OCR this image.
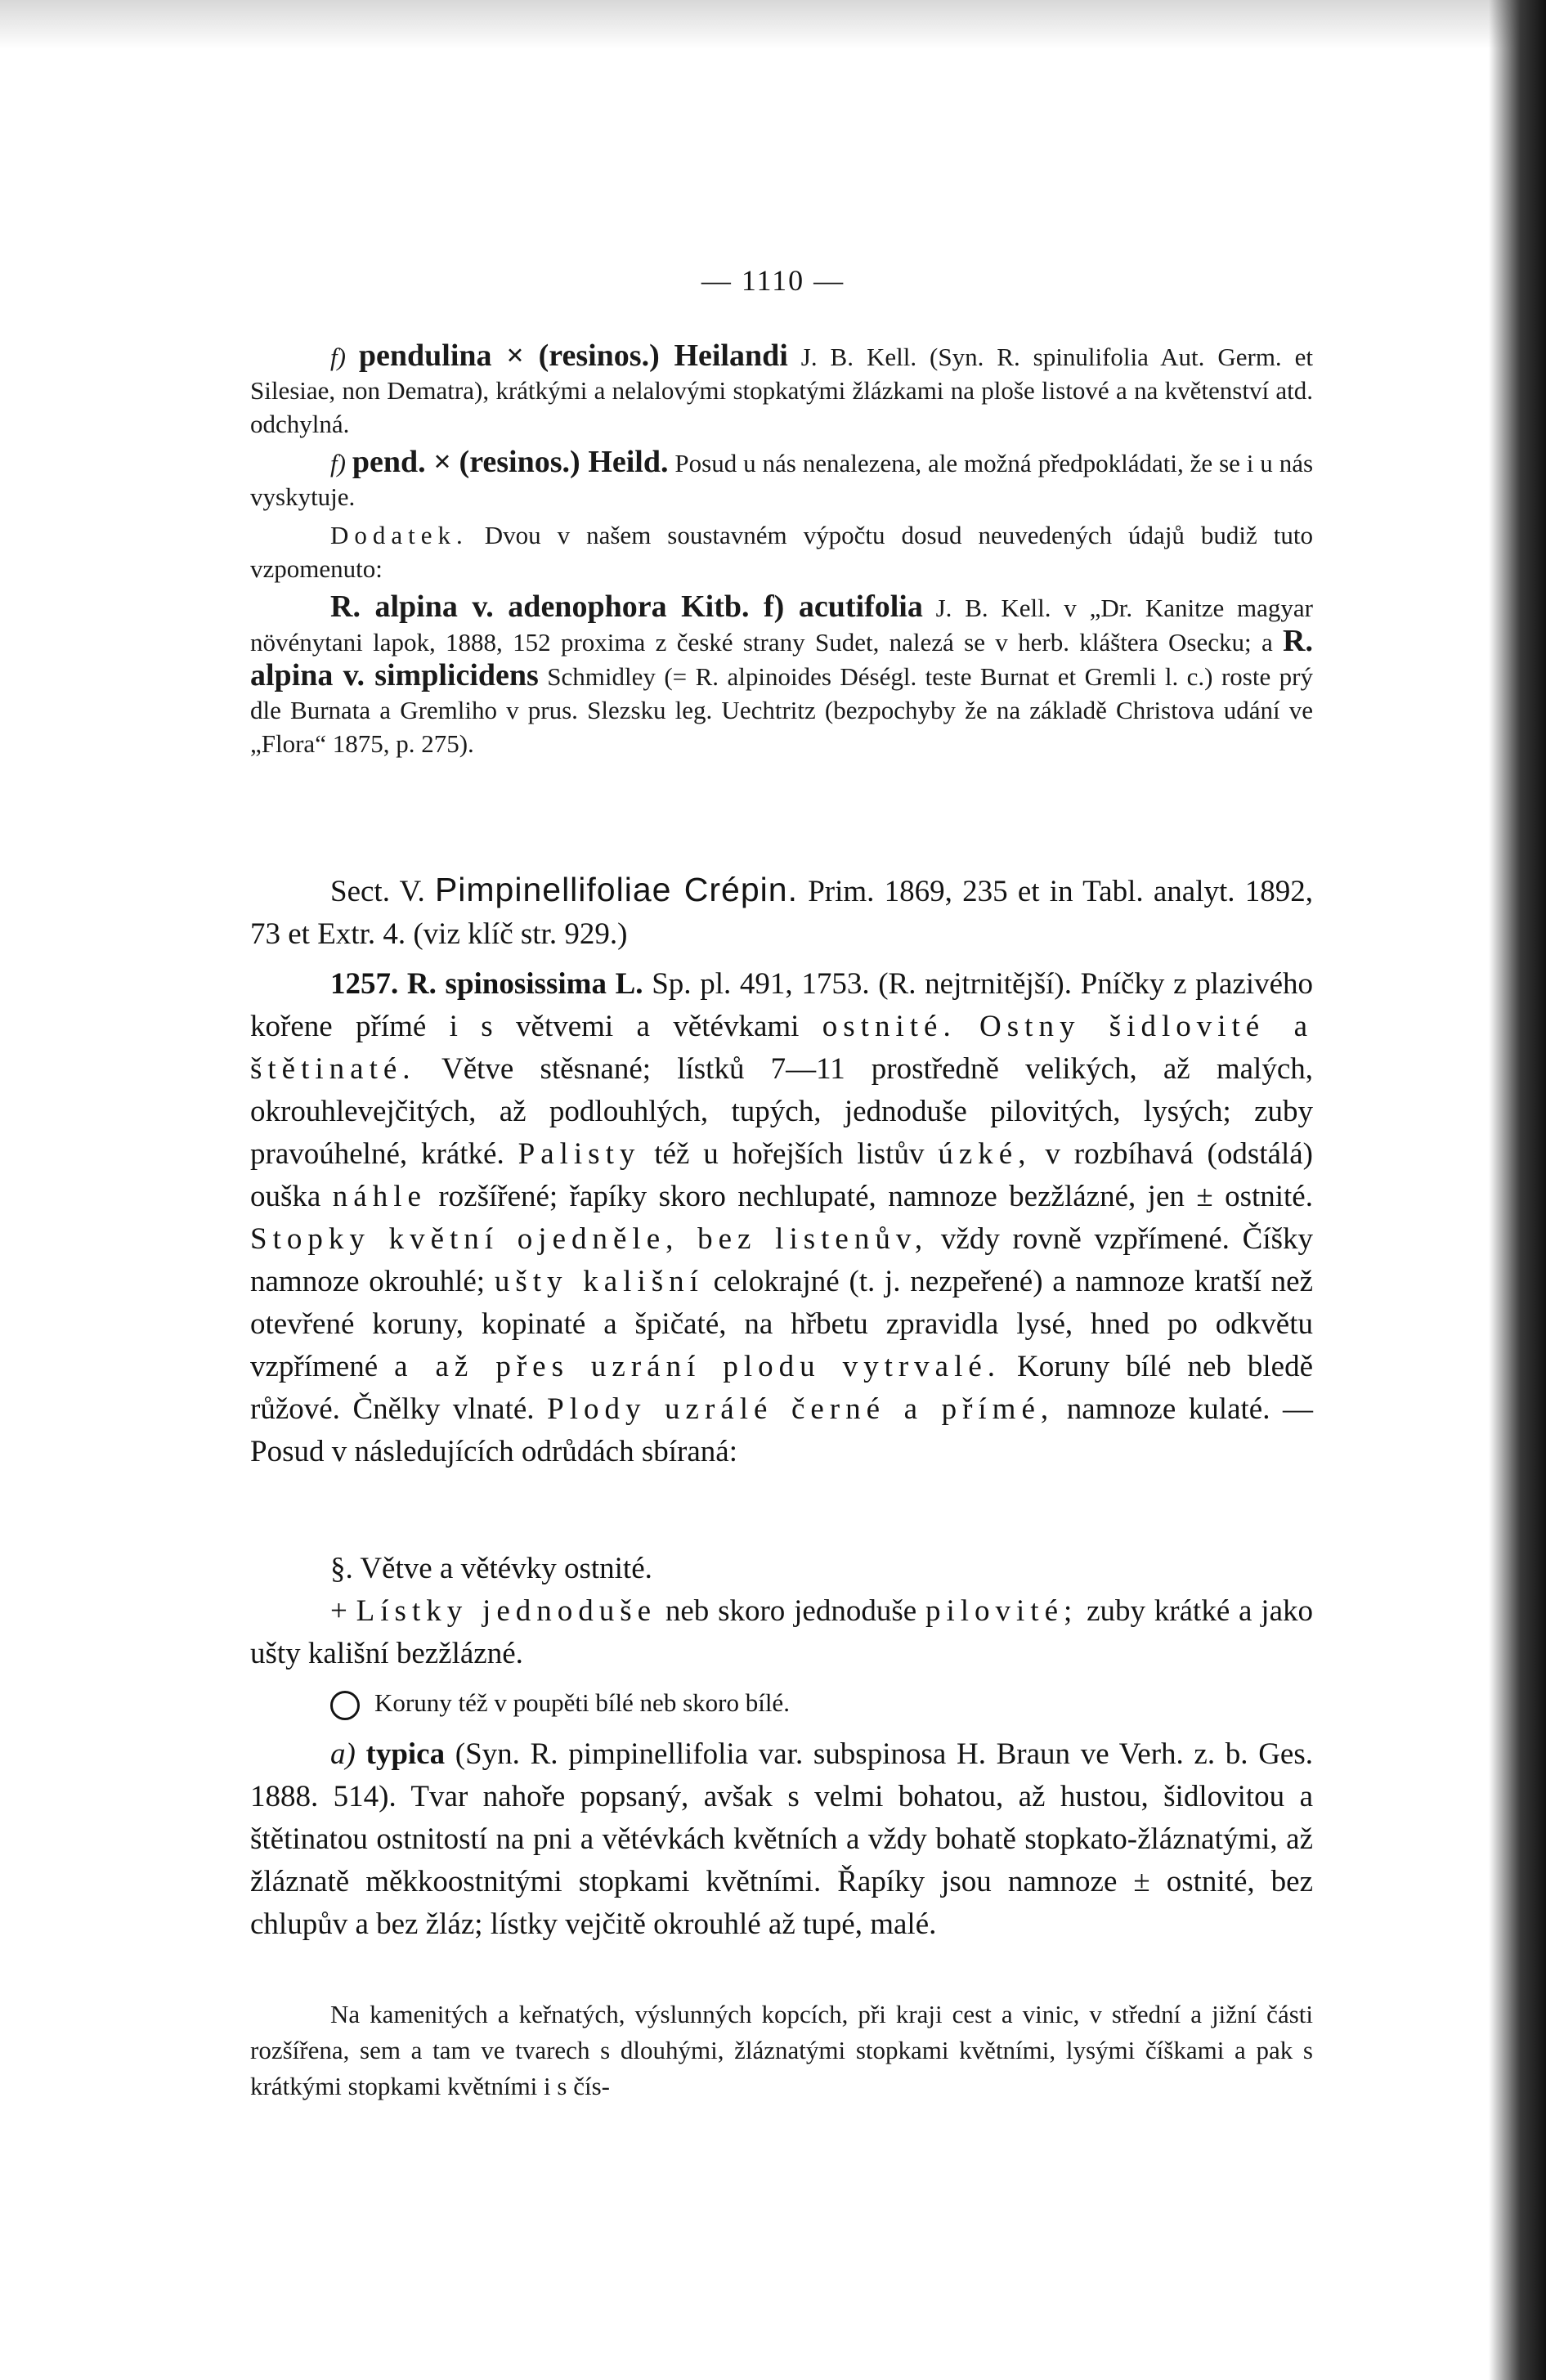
— 1110 —

f) pendulina × (resinos.) Heilandi J. B. Kell. (Syn. R. spinulifolia Aut. Germ. et Silesiae, non Dematra), krátkými a nelalovými stopkatými žlázkami na ploše listové a na květenství atd. odchylná.

f) pend. × (resinos.) Heild. Posud u nás nenalezena, ale možná předpokládati, že se i u nás vyskytuje.

Dodatek. Dvou v našem soustavném výpočtu dosud neuvedených údajů budiž tuto vzpomenuto:

R. alpina v. adenophora Kitb. f) acutifolia J. B. Kell. v „Dr. Kanitze magyar növénytani lapok, 1888, 152 proxima z české strany Sudet, nalezá se v herb. kláštera Osecku; a R. alpina v. simplicidens Schmidley (= R. alpinoides Déségl. teste Burnat et Gremli l. c.) roste prý dle Burnata a Gremliho v prus. Slezsku leg. Uechtritz (bezpochyby že na základě Christova udání ve „Flora“ 1875, p. 275).

Sect. V. Pimpinellifoliae Crépin. Prim. 1869, 235 et in Tabl. analyt. 1892, 73 et Extr. 4. (viz klíč str. 929.)

1257. R. spinosissima L. Sp. pl. 491, 1753. (R. nejtrnitější). Pníčky z plazivého kořene přímé i s větvemi a větévkami ostnité. Ostny šidlovité a štětinaté. Větve stěsnané; lístků 7—11 prostředně velikých, až malých, okrouhlevejčitých, až podlouhlých, tupých, jednoduše pilovitých, lysých; zuby pravoúhelné, krátké. Palisty též u hořejších listův úzké, v rozbíhavá (odstálá) ouška náhle rozšířené; řapíky skoro nechlupaté, namnoze bezžlázné, jen ± ostnité. Stopky květní ojedněle, bez listenův, vždy rovně vzpřímené. Číšky namnoze okrouhlé; ušty kališní celokrajné (t. j. nezpeřené) a namnoze kratší než otevřené koruny, kopinaté a špičaté, na hřbetu zpravidla lysé, hned po odkvětu vzpřímené a až přes uzrání plodu vytrvalé. Koruny bílé neb bledě růžové. Čnělky vlnaté. Plody uzrálé černé a přímé, namnoze kulaté. — Posud v následujících odrůdách sbíraná:

§. Větve a větévky ostnité.

+ Lístky jednoduše neb skoro jednoduše pilovité; zuby krátké a jako ušty kališní bezžlázné.

Koruny též v poupěti bílé neb skoro bílé.

a) typica (Syn. R. pimpinellifolia var. subspinosa H. Braun ve Verh. z. b. Ges. 1888. 514). Tvar nahoře popsaný, avšak s velmi bohatou, až hustou, šidlovitou a štětinatou ostnitostí na pni a větévkách květních a vždy bohatě stopkato-žláznatými, až žláznatě měkkoostnitými stopkami květními. Řapíky jsou namnoze ± ostnité, bez chlupův a bez žláz; lístky vejčitě okrouhlé až tupé, malé.

Na kamenitých a keřnatých, výslunných kopcích, při kraji cest a vinic, v střední a jižní části rozšířena, sem a tam ve tvarech s dlouhými, žláznatými stopkami květními, lysými číškami a pak s krátkými stopkami květními i s čís-
